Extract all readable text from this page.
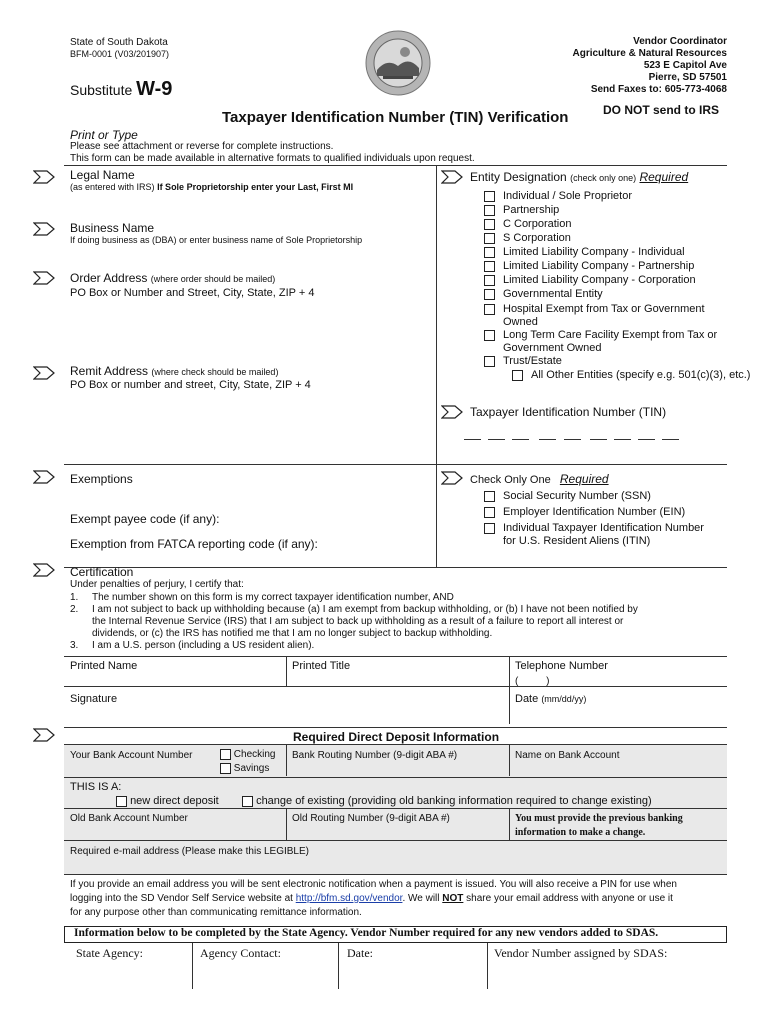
State of South Dakota
BFM-0001 (V03/201907)
Substitute W-9
Vendor Coordinator
Agriculture & Natural Resources
523 E Capitol Ave
Pierre, SD 57501
Send Faxes to: 605-773-4068
DO NOT send to IRS
Taxpayer Identification Number (TIN) Verification
Print or Type
Please see attachment or reverse for complete instructions.
This form can be made available in alternative formats to qualified individuals upon request.
Legal Name
(as entered with IRS) If Sole Proprietorship enter your Last, First MI
Business Name
If doing business as (DBA) or enter business name of Sole Proprietorship
Order Address (where order should be mailed)
PO Box or Number and Street, City, State, ZIP + 4
Remit Address (where check should be mailed)
PO Box or number and street, City, State, ZIP + 4
Exemptions
Exempt payee code (if any):
Exemption from FATCA reporting code (if any):
Entity Designation (check only one) Required
Individual / Sole Proprietor
Partnership
C Corporation
S Corporation
Limited Liability Company - Individual
Limited Liability Company - Partnership
Limited Liability Company - Corporation
Governmental Entity
Hospital Exempt from Tax or Government
Owned
Long Term Care Facility Exempt from Tax or
Government Owned
Trust/Estate
All Other Entities (specify e.g. 501(c)(3), etc.)
Taxpayer Identification Number (TIN)
Check Only One Required
Social Security Number (SSN)
Employer Identification Number (EIN)
Individual Taxpayer Identification Number
for U.S. Resident Aliens (ITIN)
Certification
Under penalties of perjury, I certify that:
1. The number shown on this form is my correct taxpayer identification number, AND
2. I am not subject to back up withholding because (a) I am exempt from backup withholding, or (b) I have not been notified by
the Internal Revenue Service (IRS) that I am subject to back up withholding as a result of a failure to report all interest or
dividends, or (c) the IRS has notified me that I am no longer subject to backup withholding.
3. I am a U.S. person (including a US resident alien).
Printed Name	Printed Title	Telephone Number
(          )
Signature	Date (mm/dd/yy)
Required Direct Deposit Information
Your Bank Account Number	Checking
Savings
Bank Routing Number (9-digit ABA #)	Name on Bank Account
THIS IS A:
new direct deposit	change of existing (providing old banking information required to change existing)
Old Bank Account Number	Old Routing Number (9-digit ABA #)	You must provide the previous banking
information to make a change.
Required e-mail address (Please make this LEGIBLE)
If you provide an email address you will be sent electronic notification when a payment is issued. You will also receive a PIN for use when
logging into the SD Vendor Self Service website at http://bfm.sd.gov/vendor. We will NOT share your email address with anyone or use it
for any purpose other than communicating remittance information.
Information below to be completed by the State Agency. Vendor Number required for any new vendors added to SDAS.
State Agency:	Agency Contact:	Date:	Vendor Number assigned by SDAS:
